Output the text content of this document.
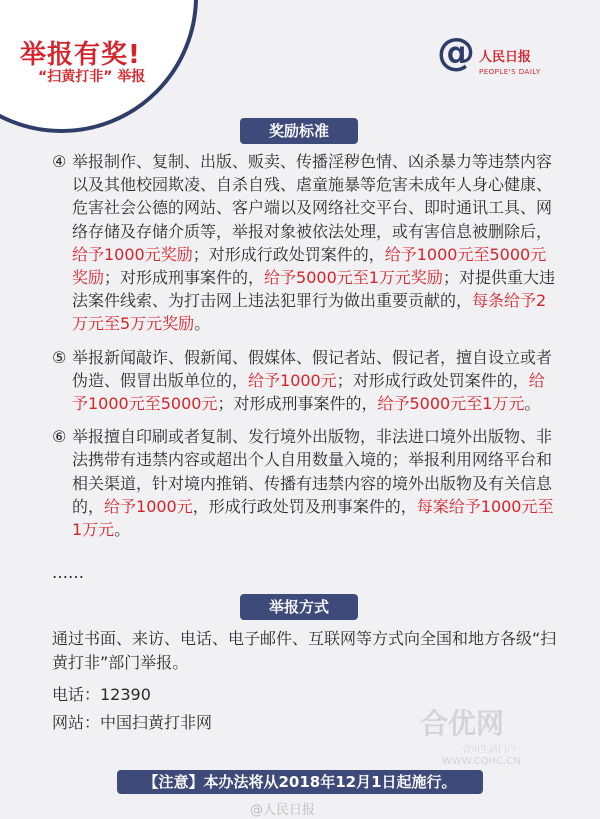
举报有奖!
“扫黄打非” 举报
@ 人民日报
PEOPLE'S DAILY
奖励标准
④ 举报制作、复制、出版、贩卖、传播淫秽色情、凶杀暴力等违禁内容以及其他校园欺凌、自杀自残、虐童施暴等危害未成年人身心健康、危害社会公德的网站、客户端以及网络社交平台、即时通讯工具、网络存储及存储介质等，举报对象被依法处理，或有害信息被删除后，给予1000元奖励；对形成行政处罚案件的，给予1000元至5000元奖励；对形成刑事案件的，给予5000元至1万元奖励；对提供重大违法案件线索、为打击网上违法犯罪行为做出重要贡献的，每条给予2万元至5万元奖励。
⑤ 举报新闻敲诈、假新闻、假媒体、假记者站、假记者，擅自设立或者伪造、假冒出版单位的，给予1000元；对形成行政处罚案件的，给予1000元至5000元；对形成刑事案件的，给予5000元至1万元。
⑥ 举报擅自印刷或者复制、发行境外出版物，非法进口境外出版物、非法携带有违禁内容或超出个人自用数量入境的；举报利用网络平台和相关渠道，针对境内推销、传播有违禁内容的境外出版物及有关信息的，给予1000元，形成行政处罚及刑事案件的，每案给予1000元至1万元。
……
举报方式
通过书面、来访、电话、电子邮件、互联网等方式向全国和地方各级“扫黄打非”部门举报。
电话：12390
网站：中国扫黄打非网	合优网
合川生活门户
WWW.CQHC.CN
【注意】本办法将从2018年12月1日起施行。
@人民日报
